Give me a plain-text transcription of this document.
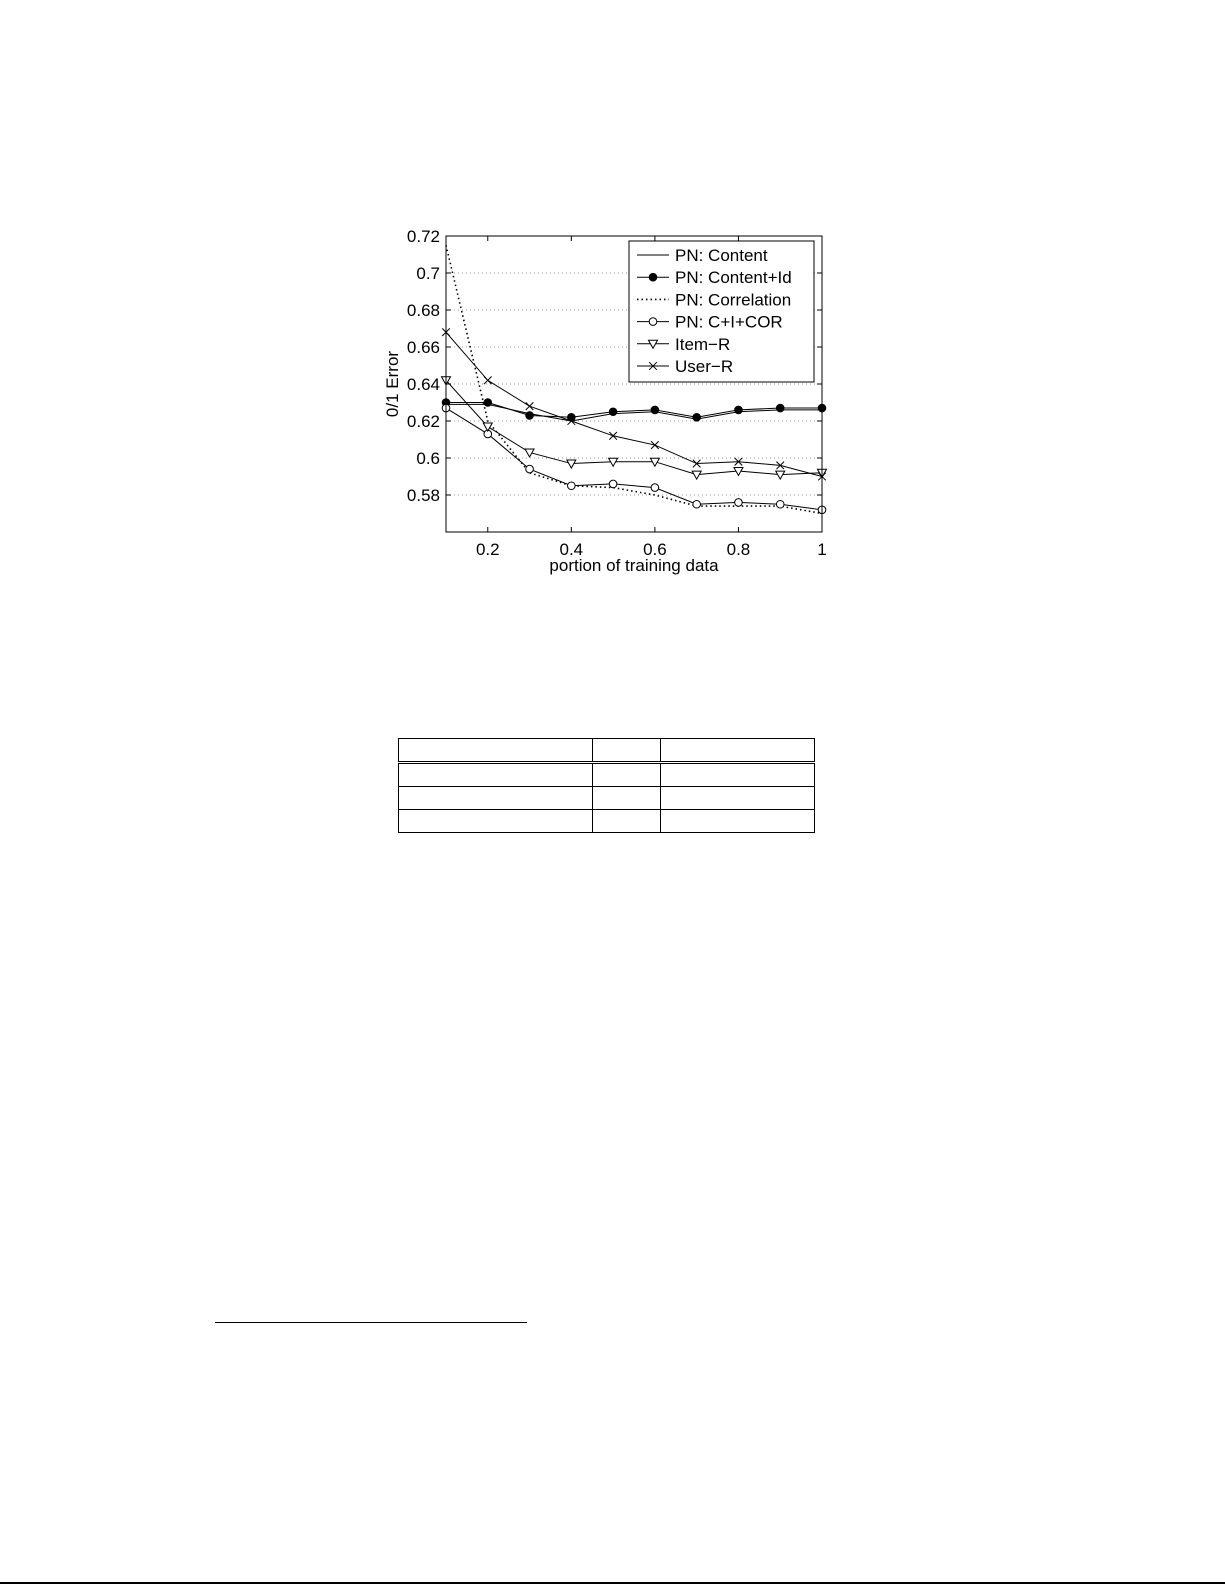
0.58
0.6
0.62
0.64
0.66
0.68
0.7
0.72
0.2	0.4	0.6	0.8	1
portion of training data
0/1 Error
PN: Content
PN: Content+Id
PN: Correlation
PN: C+I+COR
Item−R
User−R
